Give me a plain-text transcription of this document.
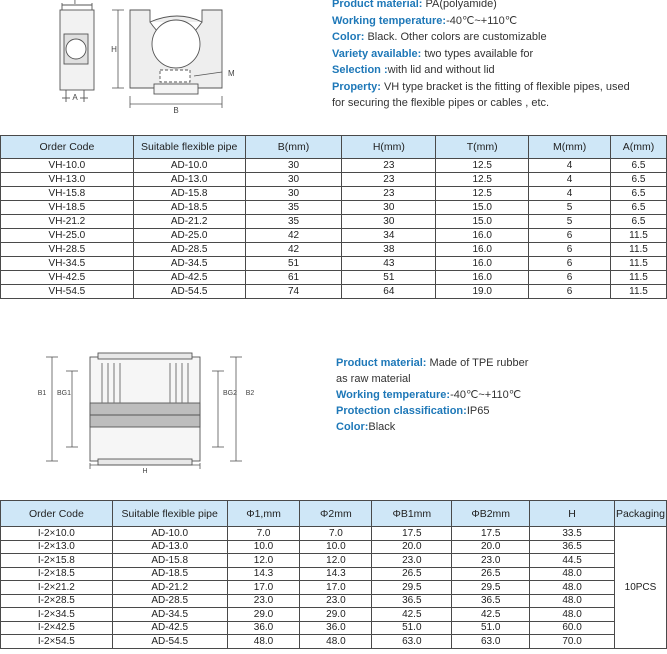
T
A
H
M
B
Product material: PA(polyamide)
Working temperature:-40℃~+110℃
Color: Black. Other colors are customizable
Variety available: two types available for
Selection :with lid and without lid
Property: VH type bracket is the fitting of flexible pipes, used
for securing the flexible pipes or cables , etc.
Order Code	Suitable flexible pipe	B(mm)	H(mm)	T(mm)	M(mm)	A(mm)
VH-10.0	AD-10.0	30	23	12.5	4	6.5
VH-13.0	AD-13.0	30	23	12.5	4	6.5
VH-15.8	AD-15.8	30	23	12.5	4	6.5
VH-18.5	AD-18.5	35	30	15.0	5	6.5
VH-21.2	AD-21.2	35	30	15.0	5	6.5
VH-25.0	AD-25.0	42	34	16.0	6	11.5
VH-28.5	AD-28.5	42	38	16.0	6	11.5
VH-34.5	AD-34.5	51	43	16.0	6	11.5
VH-42.5	AD-42.5	61	51	16.0	6	11.5
VH-54.5	AD-54.5	74	64	19.0	6	11.5
B1 BG1	BG2 B2
H
Product material: Made of TPE rubber
as raw material
Working temperature:-40℃~+110℃
Protection classification:IP65
Color:Black
Order Code	Suitable flexible pipe	Φ1,mm	Φ2mm	ΦB1mm	ΦB2mm	H	Packaging
I-2×10.0	AD-10.0	7.0	7.0	17.5	17.5	33.5	10PCS
I-2×13.0	AD-13.0	10.0	10.0	20.0	20.0	36.5	
I-2×15.8	AD-15.8	12.0	12.0	23.0	23.0	44.5	
I-2×18.5	AD-18.5	14.3	14.3	26.5	26.5	48.0	
I-2×21.2	AD-21.2	17.0	17.0	29.5	29.5	48.0	
I-2×28.5	AD-28.5	23.0	23.0	36.5	36.5	48.0	
I-2×34.5	AD-34.5	29.0	29.0	42.5	42.5	48.0	
I-2×42.5	AD-42.5	36.0	36.0	51.0	51.0	60.0	
I-2×54.5	AD-54.5	48.0	48.0	63.0	63.0	70.0	
